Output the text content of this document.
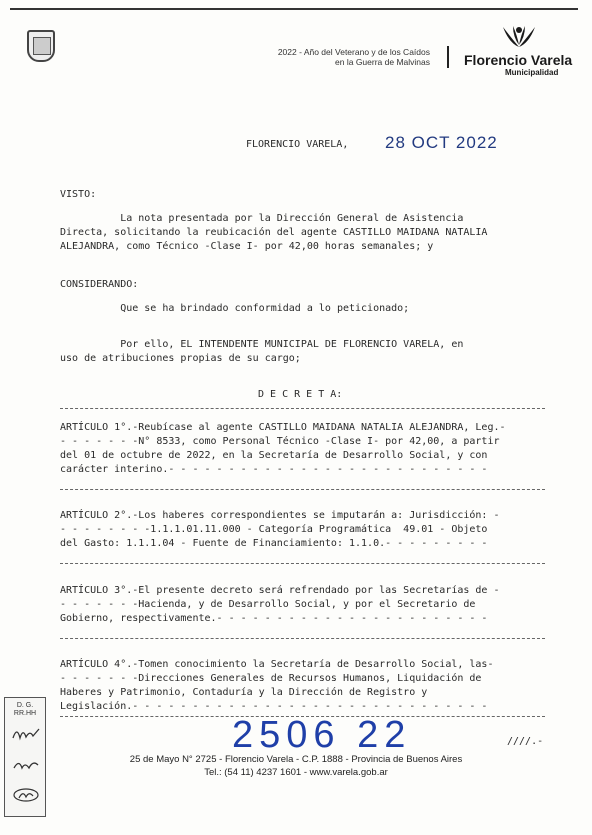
2022 - Año del Veterano y de los Caídos
en la Guerra de Malvinas Florencio Varela
Municipalidad
FLORENCIO VARELA, 28 OCT 2022
VISTO:
La nota presentada por la Dirección General de Asistencia
Directa, solicitando la reubicación del agente CASTILLO MAIDANA NATALIA
ALEJANDRA, como Técnico -Clase I- por 42,00 horas semanales; y
CONSIDERANDO:
Que se ha brindado conformidad a lo peticionado;
Por ello, EL INTENDENTE MUNICIPAL DE FLORENCIO VARELA, en
uso de atribuciones propias de su cargo;
D E C R E T A:
ARTÍCULO 1°.-Reubícase al agente CASTILLO MAIDANA NATALIA ALEJANDRA, Leg.-
- - - - - - -N° 8533, como Personal Técnico -Clase I- por 42,00, a partir
del 01 de octubre de 2022, en la Secretaría de Desarrollo Social, y con
carácter interino.- - - - - - - - - - - - - - - - - - - - - - - - - - -
ARTÍCULO 2°.-Los haberes correspondientes se imputarán a: Jurisdicción: -
- - - - - - - -1.1.1.01.11.000 - Categoría Programática  49.01 - Objeto
del Gasto: 1.1.1.04 - Fuente de Financiamiento: 1.1.0.- - - - - - - - -
ARTÍCULO 3°.-El presente decreto será refrendado por las Secretarías de -
- - - - - - -Hacienda, y de Desarrollo Social, y por el Secretario de
Gobierno, respectivamente.- - - - - - - - - - - - - - - - - - - - - - -
ARTÍCULO 4°.-Tomen conocimiento la Secretaría de Desarrollo Social, las-
- - - - - - -Direcciones Generales de Recursos Humanos, Liquidación de
Haberes y Patrimonio, Contaduría y la Dirección de Registro y
Legislación.- - - - - - - - - - - - - - - - - - - - - - - - - - - - - -
D. G.
RR.HH
2506 22	////.-
25 de Mayo N° 2725 - Florencio Varela - C.P. 1888 - Provincia de Buenos Aires
Tel.: (54 11) 4237 1601 - www.varela.gob.ar
